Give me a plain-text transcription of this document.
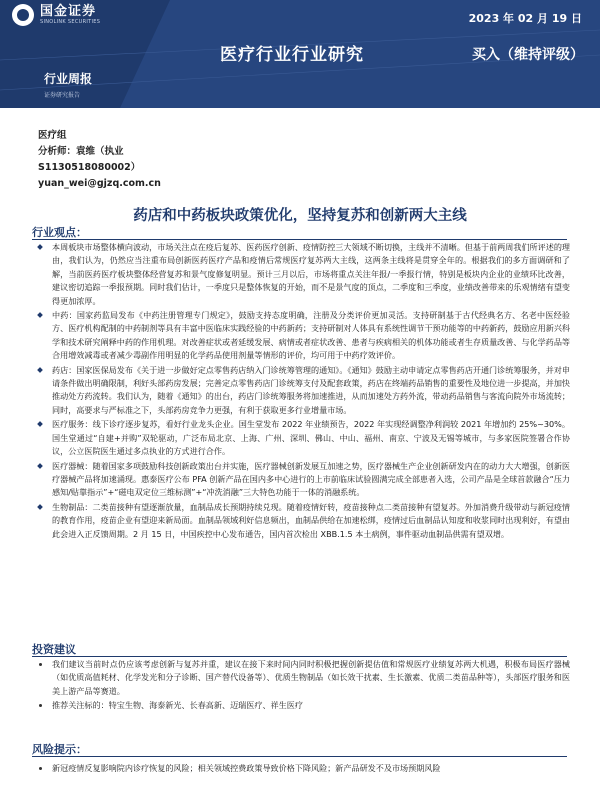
国金证券
SINOLINK SECURITIES	2023 年 02 月 19 日
医疗行业行业研究	买入（维持评级）
行业周报
证券研究报告
医疗组
分析师：袁维（执业
S1130518080002）
yuan_wei@gjzq.com.cn
药店和中药板块政策优化，坚持复苏和创新两大主线
行业观点：
本周板块市场整体横向波动，市场关注点在疫后复苏、医药医疗创新、疫情防控三大领域不断切换，主线并不清晰。但基于前两周我们所评述的理由，我们认为，仍然应当注重布局创新医药医疗产品和疫情后常规医疗复苏两大主线，这两条主线将是贯穿全年的。根据我们的多方面调研和了解，当前医药医疗板块整体经营复苏和景气度修复明显。预计三月以后，市场将重点关注年报/一季报行情，特别是板块内企业的业绩环比改善，建议密切追踪一季报预期。同时我们估计，一季度只是整体恢复的开始，而不是景气度的顶点，二季度和三季度，业绩改善带来的乐观情绪有望变得更加浓厚。
中药：国家药监局发布《中药注册管理专门规定》，鼓励支持态度明确，注册及分类评价更加灵活。支持研制基于古代经典名方、名老中医经验方、医疗机构配制的中药制剂等具有丰富中医临床实践经验的中药新药；支持研制对人体具有系统性调节干预功能等的中药新药，鼓励应用新兴科学和技术研究阐释中药的作用机理。对改善症状或者延缓发展、病情或者症状改善、患者与疾病相关的机体功能或者生存质量改善、与化学药品等合用增效减毒或者减少毒副作用明显的化学药品使用剂量等情形的评价，均可用于中药疗效评价。
药店：国家医保局发布《关于进一步做好定点零售药店纳入门诊统筹管理的通知》。《通知》鼓励主动申请定点零售药店开通门诊统筹服务，并对申请条件做出明确限制，利好头部药房发展；完善定点零售药店门诊统筹支付及配套政策，药店在终端药品销售的重要性及地位进一步提高，并加快推动处方药流转。我们认为，随着《通知》的出台，药店门诊统筹服务将加速推进，从而加速处方药外流，带动药品销售与客流向院外市场流转；同时，高要求与严标准之下，头部药房竞争力更强，有利于获取更多行业增量市场。
医疗服务：线下诊疗逐步复苏，看好行业龙头企业。国生堂发布 2022 年业绩预告，2022 年实现经调整净利润较 2021 年增加约 25%~30%。国生堂通过“自建+并购”双轮驱动，广泛布局北京、上海、广州、深圳、佛山、中山、福州、南京、宁波及无锡等城市，与多家医院签署合作协议，公立医院医生通过多点执业的方式进行合作。
医疗器械：随着国家多项鼓励科技创新政策出台并实施，医疗器械创新发展互加速之势，医疗器械生产企业创新研发内在的动力大大增强，创新医疗器械产品将加速涌现。惠泰医疗公布 PFA 创新产品在国内多中心进行的上市前临床试验圆满完成全部患者入选，公司产品是全球首款融合“压力感知/贴靠指示”+“磁电双定位三维标测”+“冲洗消融”三大特色功能于一体的消融系统。
生物制品：二类苗接种有望逐渐放量，血制品成长预期持续兑现。随着疫情好转，疫苗接种点二类苗接种有望复苏。外加消费升级带动与新冠疫情的教育作用，疫苗企业有望迎来新局面。血制品领域利好信息频出，血制品供给在加速松绑，疫情过后血制品认知度和收浆同时出现利好，有望由此会进入正反馈周期。2 月 15 日，中国疾控中心发布通告，国内首次检出 XBB.1.5 本土病例，事件驱动血制品供需有望双增。
投资建议
我们建议当前时点仍应该考虑创新与复苏并重，建议在接下来时间内同时积极把握创新提估值和常规医疗业绩复苏两大机遇，积极布局医疗器械（如优质高值耗材、化学发光和分子诊断、国产替代设备等）、优质生物制品（如长效干扰素、生长激素、优质二类苗品种等），头部医疗服务和医美上游产品等赛道。
推荐关注标的：特宝生物、海泰新光、长春高新、迈瑞医疗、祥生医疗
风险提示：
新冠疫情反复影响院内诊疗恢复的风险；相关领域控费政策导致价格下降风险；新产品研发不及市场预期风险
